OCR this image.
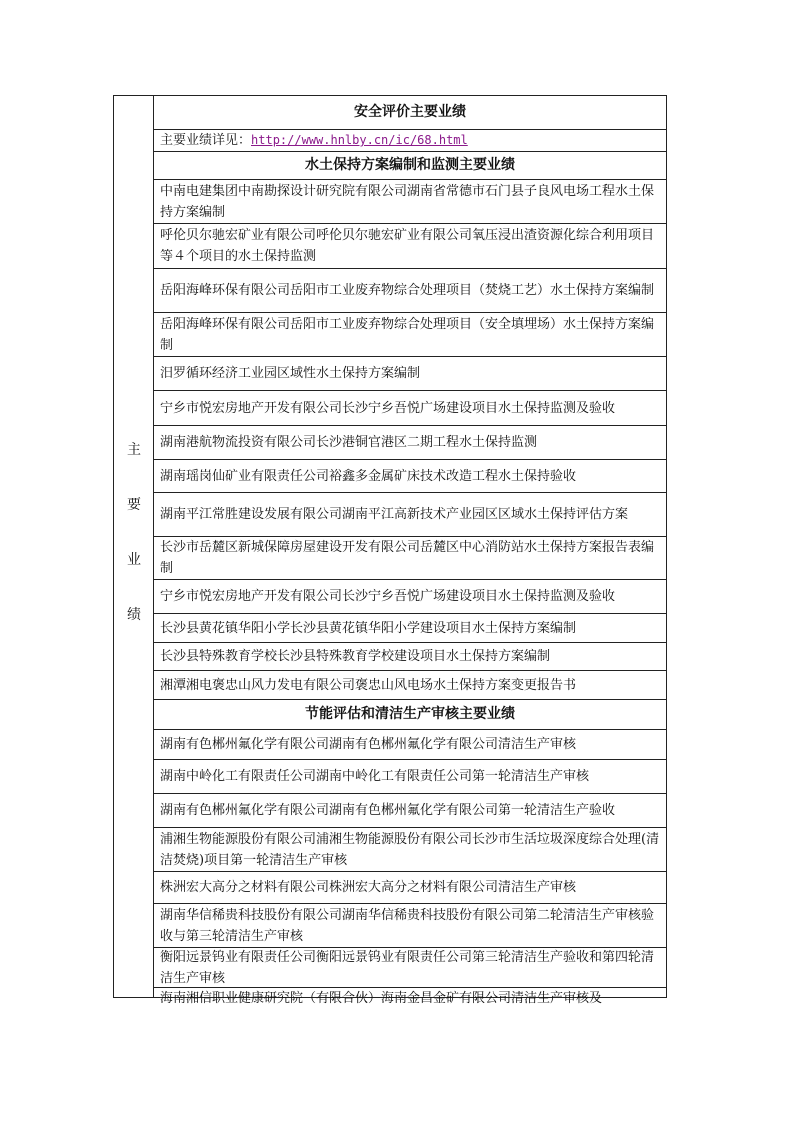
主
要
业
绩
安全评价主要业绩
主要业绩详见： http://www.hnlby.cn/ic/68.html
水土保持方案编制和监测主要业绩
中南电建集团中南勘探设计研究院有限公司湖南省常德市石门县子良风电场工程水土保持方案编制
呼伦贝尔驰宏矿业有限公司呼伦贝尔驰宏矿业有限公司氧压浸出渣资源化综合利用项目等４个项目的水土保持监测
岳阳海峰环保有限公司岳阳市工业废弃物综合处理项目（焚烧工艺）水土保持方案编制
岳阳海峰环保有限公司岳阳市工业废弃物综合处理项目（安全填埋场）水土保持方案编制
汨罗循环经济工业园区域性水土保持方案编制
宁乡市悦宏房地产开发有限公司长沙宁乡吾悦广场建设项目水土保持监测及验收
湖南港航物流投资有限公司长沙港铜官港区二期工程水土保持监测
湖南瑶岗仙矿业有限责任公司裕鑫多金属矿床技术改造工程水土保持验收
湖南平江常胜建设发展有限公司湖南平江高新技术产业园区区域水土保持评估方案
长沙市岳麓区新城保障房屋建设开发有限公司岳麓区中心消防站水土保持方案报告表编制
宁乡市悦宏房地产开发有限公司长沙宁乡吾悦广场建设项目水土保持监测及验收
长沙县黄花镇华阳小学长沙县黄花镇华阳小学建设项目水土保持方案编制
长沙县特殊教育学校长沙县特殊教育学校建设项目水土保持方案编制
湘潭湘电褒忠山风力发电有限公司褒忠山风电场水土保持方案变更报告书
节能评估和清洁生产审核主要业绩
湖南有色郴州氟化学有限公司湖南有色郴州氟化学有限公司清洁生产审核
湖南中岭化工有限责任公司湖南中岭化工有限责任公司第一轮清洁生产审核
湖南有色郴州氟化学有限公司湖南有色郴州氟化学有限公司第一轮清洁生产验收
浦湘生物能源股份有限公司浦湘生物能源股份有限公司长沙市生活垃圾深度综合处理(清洁焚烧)项目第一轮清洁生产审核
株洲宏大高分之材料有限公司株洲宏大高分之材料有限公司清洁生产审核
湖南华信稀贵科技股份有限公司湖南华信稀贵科技股份有限公司第二轮清洁生产审核验收与第三轮清洁生产审核
衡阳远景钨业有限责任公司衡阳远景钨业有限责任公司第三轮清洁生产验收和第四轮清洁生产审核
海南湘信职业健康研究院（有限合伙）海南金昌金矿有限公司清洁生产审核及
